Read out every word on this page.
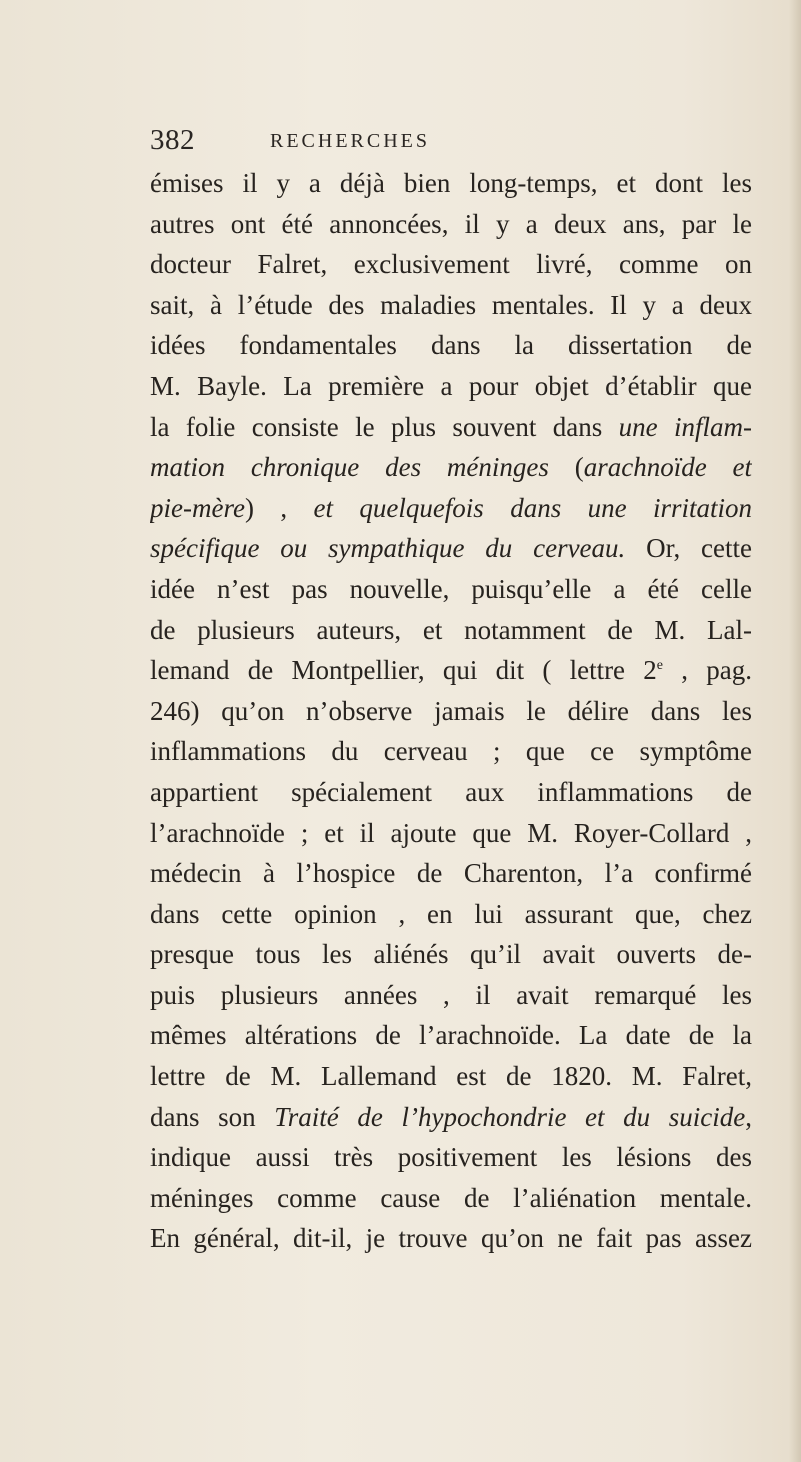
382	RECHERCHES
émises il y a déjà bien long-temps, et dont les
autres ont été annoncées, il y a deux ans, par le
docteur Falret, exclusivement livré, comme on
sait, à l’étude des maladies mentales. Il y a deux
idées fondamentales dans la dissertation de
M. Bayle. La première a pour objet d’établir que
la folie consiste le plus souvent dans une inflam-
mation chronique des méninges (arachnoïde et
pie-mère) , et quelquefois dans une irritation
spécifique ou sympathique du cerveau. Or, cette
idée n’est pas nouvelle, puisqu’elle a été celle
de plusieurs auteurs, et notamment de M. Lal-
lemand de Montpellier, qui dit ( lettre 2e , pag.
246) qu’on n’observe jamais le délire dans les
inflammations du cerveau ; que ce symptôme
appartient spécialement aux inflammations de
l’arachnoïde ; et il ajoute que M. Royer-Collard ,
médecin à l’hospice de Charenton, l’a confirmé
dans cette opinion , en lui assurant que, chez
presque tous les aliénés qu’il avait ouverts de-
puis plusieurs années , il avait remarqué les
mêmes altérations de l’arachnoïde. La date de la
lettre de M. Lallemand est de 1820. M. Falret,
dans son Traité de l’hypochondrie et du suicide,
indique aussi très positivement les lésions des
méninges comme cause de l’aliénation mentale.
En général, dit-il, je trouve qu’on ne fait pas assez
